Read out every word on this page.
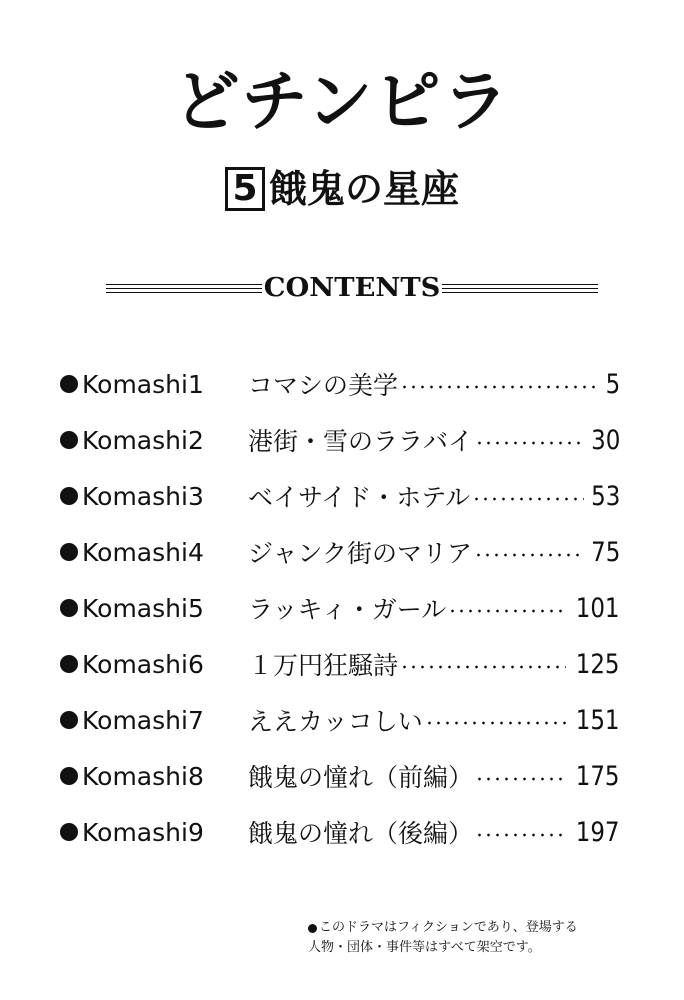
どチンピラ
5 餓鬼の星座
CONTENTS
Komashi 1	コマシの美学	5
Komashi 2	港街・雪のララバイ	30
Komashi 3	ベイサイド・ホテル	53
Komashi 4	ジャンク街のマリア	75
Komashi 5	ラッキィ・ガール	101
Komashi 6	１万円狂騒詩	125
Komashi 7	ええカッコしい	151
Komashi 8	餓鬼の憧れ（前編）	175
Komashi 9	餓鬼の憧れ（後編）	197
このドラマはフィクションであり、登場する
人物・団体・事件等はすべて架空です。
